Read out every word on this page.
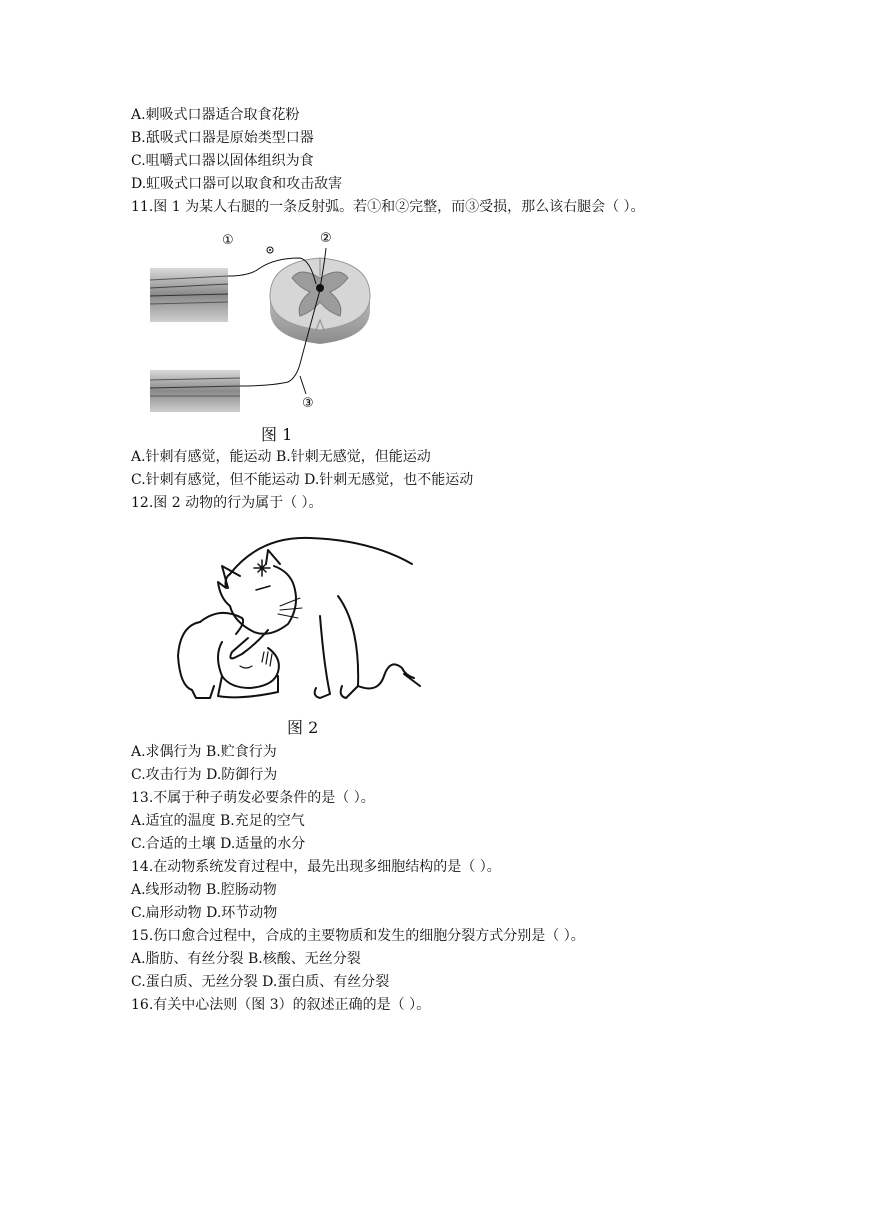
A.刺吸式口器适合取食花粉
B.舐吸式口器是原始类型口器
C.咀嚼式口器以固体组织为食
D.虹吸式口器可以取食和攻击敌害
11.图 1 为某人右腿的一条反射弧。若①和②完整，而③受损，那么该右腿会（ ）。
①	②
③
图 1
A.针刺有感觉，能运动 B.针刺无感觉，但能运动
C.针刺有感觉，但不能运动 D.针刺无感觉，也不能运动
12.图 2 动物的行为属于（ ）。
图 2
A.求偶行为 B.贮食行为
C.攻击行为 D.防御行为
13.不属于种子萌发必要条件的是（ ）。
A.适宜的温度 B.充足的空气
C.合适的土壤 D.适量的水分
14.在动物系统发育过程中，最先出现多细胞结构的是（ ）。
A.线形动物 B.腔肠动物
C.扁形动物 D.环节动物
15.伤口愈合过程中，合成的主要物质和发生的细胞分裂方式分别是（ ）。
A.脂肪、有丝分裂 B.核酸、无丝分裂
C.蛋白质、无丝分裂 D.蛋白质、有丝分裂
16.有关中心法则（图 3）的叙述正确的是（ ）。
